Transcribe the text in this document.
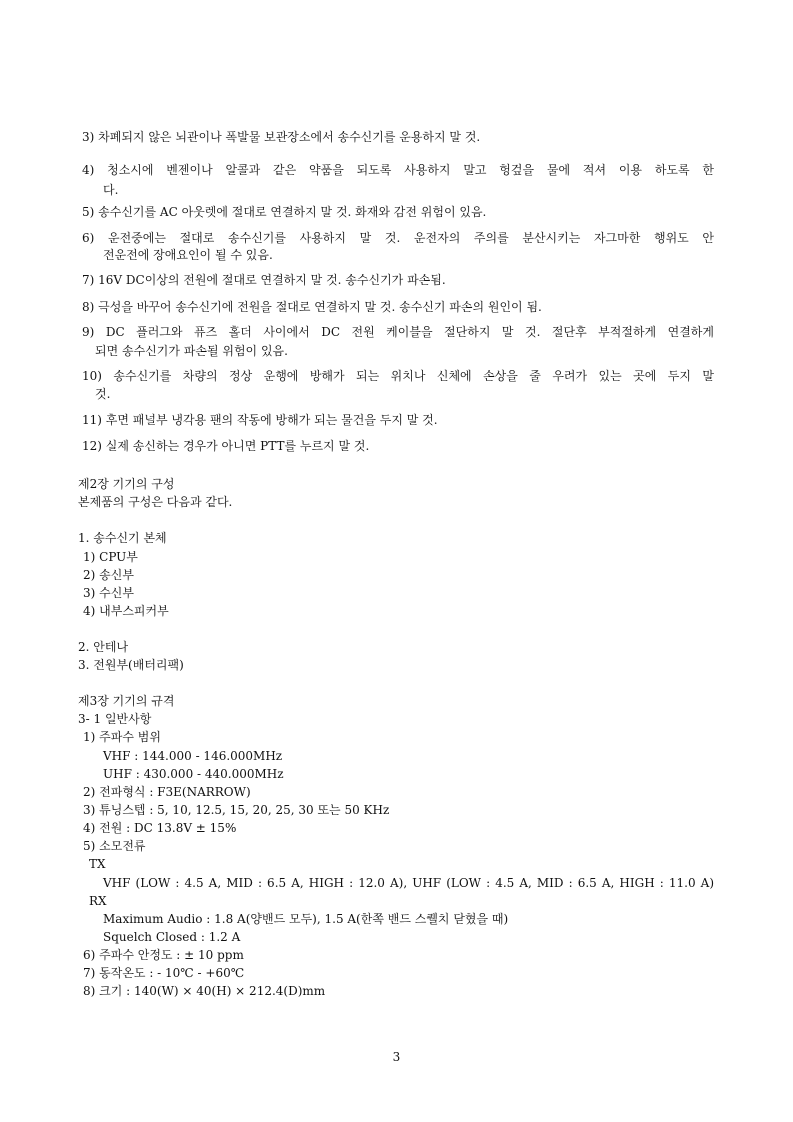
3) 차폐되지 않은 뇌관이나 폭발물 보관장소에서 송수신기를 운용하지 말 것.
4) 청소시에 벤젠이나 알콜과 같은 약품을 되도록 사용하지 말고 헝겊을 물에 적셔 이용 하도록 한
다.
5) 송수신기를 AC 아웃렛에 절대로 연결하지 말 것. 화재와 감전 위험이 있음.
6) 운전중에는 절대로 송수신기를 사용하지 말 것. 운전자의 주의를 분산시키는 자그마한 행위도 안
전운전에 장애요인이 될 수 있음.
7) 16V DC이상의 전원에 절대로 연결하지 말 것. 송수신기가 파손됨.
8) 극성을 바꾸어 송수신기에 전원을 절대로 연결하지 말 것. 송수신기 파손의 원인이 됨.
9) DC 플러그와 퓨즈 홀더 사이에서 DC 전원 케이블을 절단하지 말 것. 절단후 부적절하게 연결하게
되면 송수신기가 파손될 위험이 있음.
10) 송수신기를 차량의 정상 운행에 방해가 되는 위치나 신체에 손상을 줄 우려가 있는 곳에 두지 말
것.
11) 후면 패널부 냉각용 팬의 작동에 방해가 되는 물건을 두지 말 것.
12) 실제 송신하는 경우가 아니면 PTT를 누르지 말 것.
제2장 기기의 구성
본제품의 구성은 다음과 같다.
1. 송수신기 본체
1) CPU부
2) 송신부
3) 수신부
4) 내부스피커부
2. 안테나
3. 전원부(배터리팩)
제3장 기기의 규격
3- 1 일반사항
1) 주파수 범위
VHF : 144.000 - 146.000MHz
UHF : 430.000 - 440.000MHz
2) 전파형식 : F3E(NARROW)
3) 튜닝스텝 : 5, 10, 12.5, 15, 20, 25, 30 또는 50 KHz
4) 전원 : DC 13.8V ± 15%
5) 소모전류
TX
VHF (LOW : 4.5 A, MID : 6.5 A, HIGH : 12.0 A), UHF (LOW : 4.5 A, MID : 6.5 A, HIGH : 11.0 A)
RX
Maximum Audio : 1.8 A(양밴드 모두), 1.5 A(한쪽 밴드 스퀠치 닫혔을 때)
Squelch Closed : 1.2 A
6) 주파수 안정도 : ± 10 ppm
7) 동작온도 : - 10℃ - +60℃
8) 크기 : 140(W) × 40(H) × 212.4(D)mm
3
